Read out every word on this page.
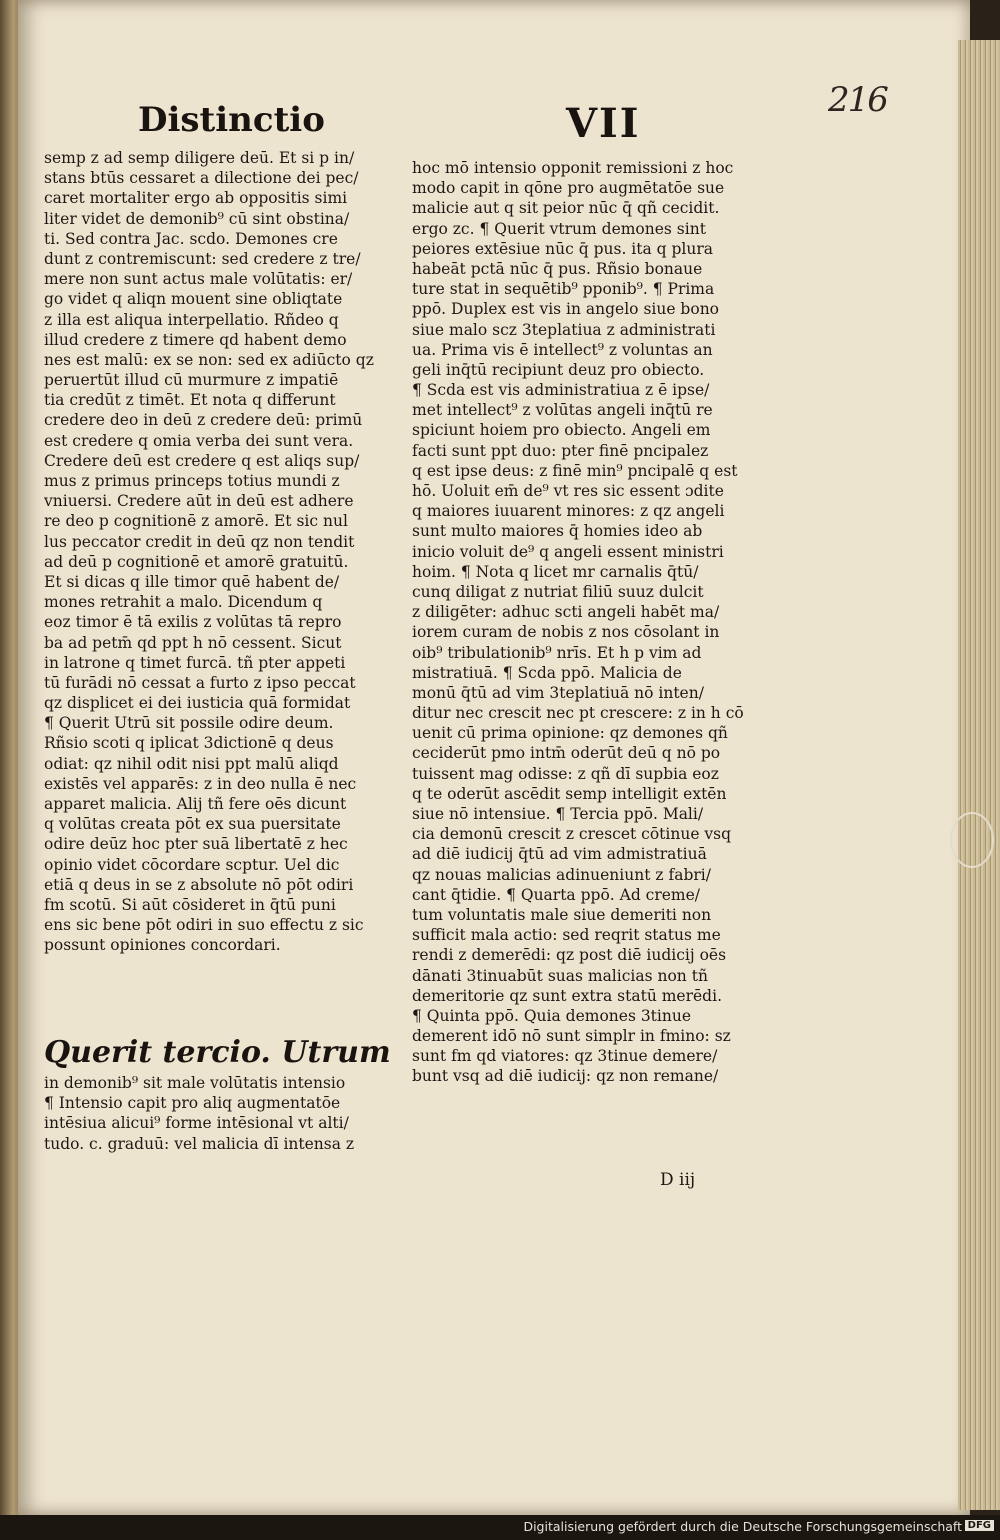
216
Distinctio	VII
semp z ad semp diligere deū. Et si p in/
stans btūs cessaret a dilectione dei pec/
caret mortaliter ergo ab oppositis simi
liter videt de demonib⁹ cū sint obstina/
ti. Sed contra Jac. scdo. Demones cre
dunt z contremiscunt: sed credere z tre/
mere non sunt actus male volūtatis: er/
go videt q aliqn mouent sine obliqtate
z illa est aliqua interpellatio. Rñdeo q
illud credere z timere qd habent demo
nes est malū: ex se non: sed ex adiūcto qz
peruertūt illud cū murmure z impatiē
tia credūt z timēt. Et nota q differunt
credere deo in deū z credere deū: primū
est credere q omia verba dei sunt vera.
Credere deū est credere q est aliqs sup/
mus z primus princeps totius mundi z
vniuersi. Credere aūt in deū est adhere
re deo p cognitionē z amorē. Et sic nul
lus peccator credit in deū qz non tendit
ad deū p cognitionē et amorē gratuitū.
Et si dicas q ille timor quē habent de/
mones retrahit a malo. Dicendum q
eoz timor ē tā exilis z volūtas tā repro
ba ad petm̄ qd ppt h nō cessent. Sicut
in latrone q timet furcā. tñ pter appeti
tū furādi nō cessat a furto z ipso peccat
qz displicet ei dei iusticia quā formidat
¶ Querit Utrū sit possile odire deum.
Rñsio scoti q iplicat 3dictionē q deus
odiat: qz nihil odit nisi ppt malū aliqd
existēs vel apparēs: z in deo nulla ē nec
apparet malicia. Alij tñ fere oēs dicunt
q volūtas creata pōt ex sua puersitate
odire deūz hoc pter suā libertatē z hec
opinio videt cōcordare scptur. Uel dic
etiā q deus in se z absolute nō pōt odiri
fm scotū. Si aūt cōsideret in q̄tū puni
ens sic bene pōt odiri in suo effectu z sic
possunt opiniones concordari.
Querit tercio. Utrum
in demonib⁹ sit male volūtatis intensio
¶ Intensio capit pro aliq augmentatōe
intēsiua alicui⁹ forme intēsional vt alti/
tudo. c. graduū: vel malicia dī intensa z
hoc mō intensio opponit remissioni z hoc
modo capit in qōne pro augmētatōe sue
malicie aut q sit peior nūc q̄ qñ cecidit.
ergo zc. ¶ Querit vtrum demones sint
peiores extēsiue nūc q̄ pus. ita q plura
habeāt pctā nūc q̄ pus. Rñsio bonaue
ture stat in sequētib⁹ pponib⁹. ¶ Prima
ppō. Duplex est vis in angelo siue bono
siue malo scz 3teplatiua z administrati
ua. Prima vis ē intellect⁹ z voluntas an
geli inq̄tū recipiunt deuz pro obiecto.
¶ Scda est vis administratiua z ē ipse/
met intellect⁹ z volūtas angeli inq̄tū re
spiciunt hoiem pro obiecto. Angeli em
facti sunt ppt duo: pter finē pncipalez
q est ipse deus: z finē min⁹ pncipalē q est
hō. Uoluit em̄ de⁹ vt res sic essent ɔdite
q maiores iuuarent minores: z qz angeli
sunt multo maiores q̄ homies ideo ab
inicio voluit de⁹ q angeli essent ministri
hoim. ¶ Nota q licet mr carnalis q̄tū/
cunq diligat z nutriat filiū suuz dulcit
z diligēter: adhuc scti angeli habēt ma/
iorem curam de nobis z nos cōsolant in
oib⁹ tribulationib⁹ nrīs. Et h p vim ad
mistratiuā. ¶ Scda ppō. Malicia de
monū q̄tū ad vim 3teplatiuā nō inten/
ditur nec crescit nec pt crescere: z in h cō
uenit cū prima opinione: qz demones qñ
ceciderūt pmo intm̄ oderūt deū q nō po
tuissent mag odisse: z qñ dī supbia eoz
q te oderūt ascēdit semp intelligit extēn
siue nō intensiue. ¶ Tercia ppō. Mali/
cia demonū crescit z crescet cōtinue vsq
ad diē iudicij q̄tū ad vim admistratiuā
qz nouas malicias adinueniunt z fabri/
cant q̄tidie. ¶ Quarta ppō. Ad creme/
tum voluntatis male siue demeriti non
sufficit mala actio: sed reqrit status me
rendi z demerēdi: qz post diē iudicij oēs
dānati 3tinuabūt suas malicias non tñ
demeritorie qz sunt extra statū merēdi.
¶ Quinta ppō. Quia demones 3tinue
demerent idō nō sunt simplr in fmino: sz
sunt fm qd viatores: qz 3tinue demere/
bunt vsq ad diē iudicij: qz non remane/
D iij
Digitalisierung gefördert durch die Deutsche Forschungsgemeinschaft DFG
